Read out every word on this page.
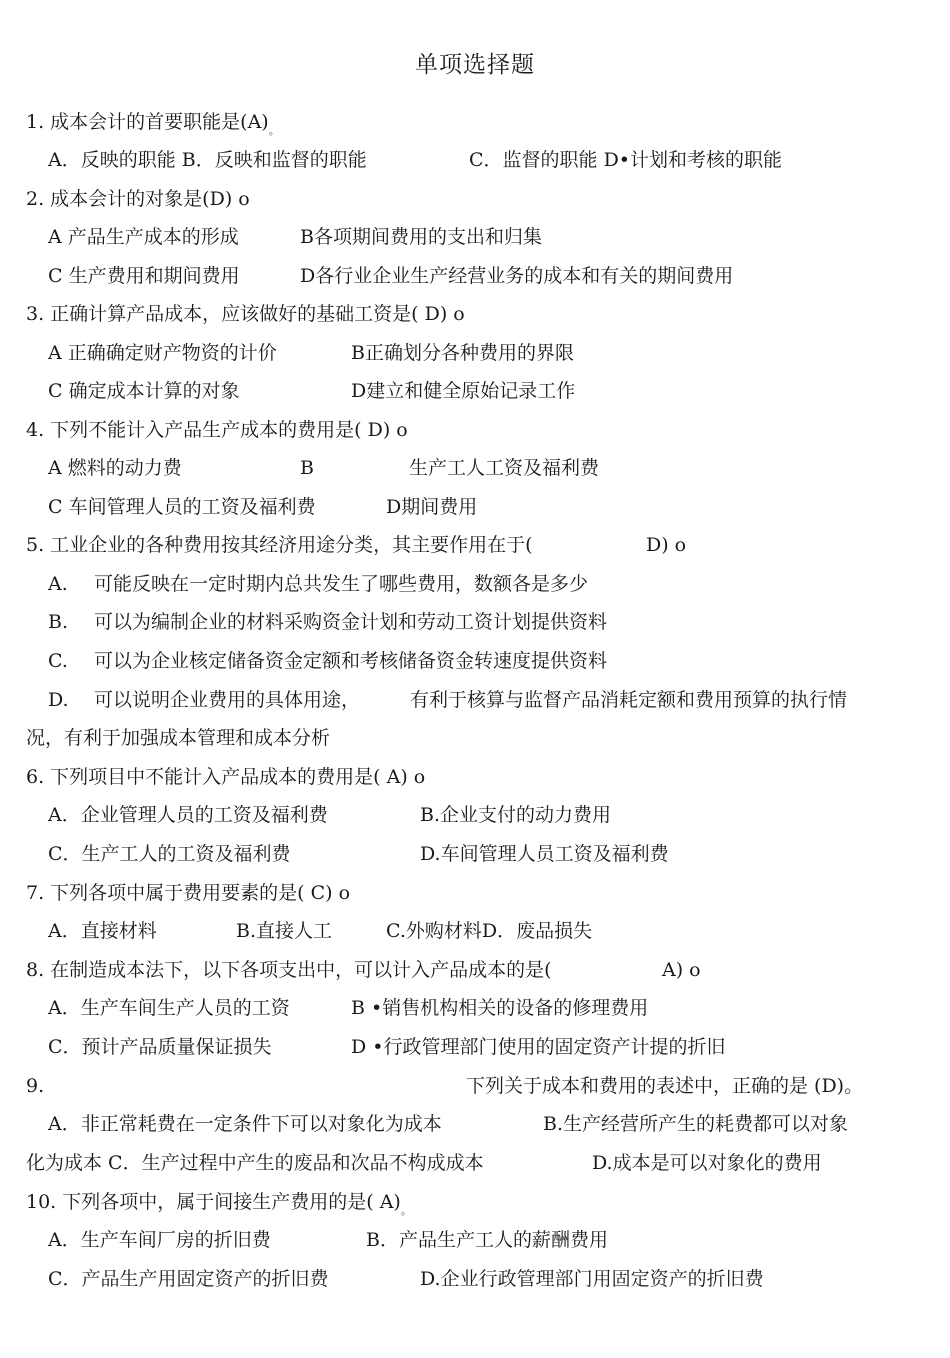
单项选择题
1. 成本会计的首要职能是$(A)_。$
A．反映的职能 B．反映和监督的职能	C．监督的职能 D•计划和考核的职能
2. 成本会计的对象是(D) o
A 产品生产成本的形成	B各项期间费用的支出和归集
C 生产费用和期间费用	D各行业企业生产经营业务的成本和有关的期间费用
3. 正确计算产品成本，应该做好的基础工资是( D) o
A 正确确定财产物资的计价	B正确划分各种费用的界限
C 确定成本计算的对象	D建立和健全原始记录工作
4. 下列不能计入产品生产成本的费用是( D) o
A 燃料的动力费	B	生产工人工资及福利费
C 车间管理人员的工资及福利费	D期间费用
5. 工业企业的各种费用按其经济用途分类，其主要作用在于(	D) o
A. 可能反映在一定时期内总共发生了哪些费用，数额各是多少
B. 可以为编制企业的材料采购资金计划和劳动工资计划提供资料
C. 可以为企业核定储备资金定额和考核储备资金转速度提供资料
D. 可以说明企业费用的具体用途，	有利于核算与监督产品消耗定额和费用预算的执行情
况，有利于加强成本管理和成本分析
6. 下列项目中不能计入产品成本的费用是( A) o
A．企业管理人员的工资及福利费	B.企业支付的动力费用
C．生产工人的工资及福利费	D.车间管理人员工资及福利费
7. 下列各项中属于费用要素的是( C) o
A．直接材料	B.直接人工	C.外购材料D．废品损失
8. 在制造成本法下，以下各项支出中，可以计入产品成本的是(	A) o
A．生产车间生产人员的工资	B •销售机构相关的设备的修理费用
C．预计产品质量保证损失	D •行政管理部门使用的固定资产计提的折旧
9.	下列关于成本和费用的表述中，正确的是 (D)。
A．非正常耗费在一定条件下可以对象化为成本	B.生产经营所产生的耗费都可以对象
化为成本 C．生产过程中产生的废品和次品不构成成本	D.成本是可以对象化的费用
10. 下列各项中，属于间接生产费用的是( $A)_。$
A．生产车间厂房的折旧费	B．产品生产工人的薪酬费用
C．产品生产用固定资产的折旧费	D.企业行政管理部门用固定资产的折旧费
